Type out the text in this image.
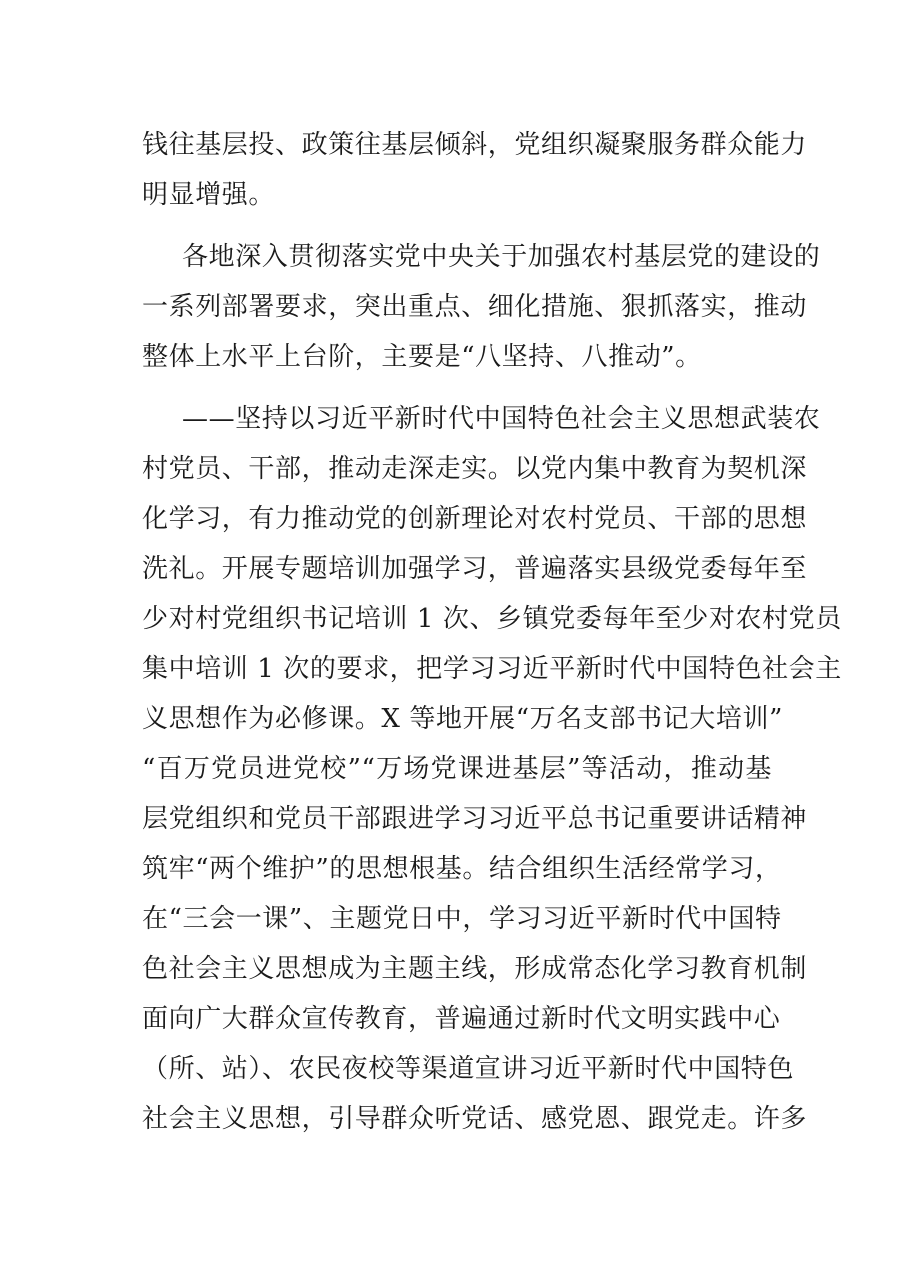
钱往基层投、政策往基层倾斜，党组织凝聚服务群众能力
明显增强。
各地深入贯彻落实党中央关于加强农村基层党的建设的
一系列部署要求，突出重点、细化措施、狠抓落实，推动
整体上水平上台阶，主要是“八坚持、八推动”。
——坚持以习近平新时代中国特色社会主义思想武装农
村党员、干部，推动走深走实。以党内集中教育为契机深
化学习，有力推动党的创新理论对农村党员、干部的思想
洗礼。开展专题培训加强学习，普遍落实县级党委每年至
少对村党组织书记培训 1 次、乡镇党委每年至少对农村党员
集中培训 1 次的要求，把学习习近平新时代中国特色社会主
义思想作为必修课。X 等地开展“万名支部书记大培训”
“百万党员进党校”“万场党课进基层”等活动，推动基
层党组织和党员干部跟进学习习近平总书记重要讲话精神
筑牢“两个维护”的思想根基。结合组织生活经常学习，
在“三会一课”、主题党日中，学习习近平新时代中国特
色社会主义思想成为主题主线，形成常态化学习教育机制
面向广大群众宣传教育，普遍通过新时代文明实践中心
（所、站）、农民夜校等渠道宣讲习近平新时代中国特色
社会主义思想，引导群众听党话、感党恩、跟党走。许多
